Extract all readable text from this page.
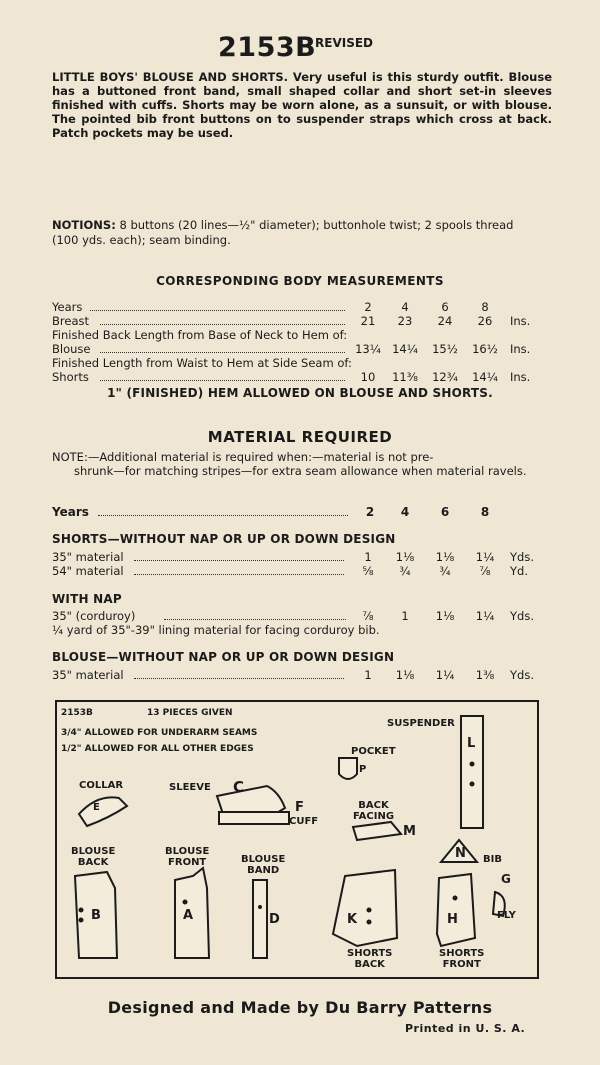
2153B
REVISED
LITTLE BOYS' BLOUSE AND SHORTS. Very useful is this sturdy outfit. Blouse has a buttoned front band, small shaped collar and short set-in sleeves finished with cuffs. Shorts may be worn alone, as a sunsuit, or with blouse. The pointed bib front buttons on to suspender straps which cross at back. Patch pockets may be used.
NOTIONS: 8 buttons (20 lines—½" diameter); buttonhole twist; 2 spools thread (100 yds. each); seam binding.
CORRESPONDING BODY MEASUREMENTS
Years	2	4	6	8
Breast	21	23	24	26	Ins.
Finished Back Length from Base of Neck to Hem of:
Blouse	13¼ 14¼	15½	16½	Ins.
Finished Length from Waist to Hem at Side Seam of:
Shorts	10	11⅜	12¾	14¼	Ins.
1" (FINISHED) HEM ALLOWED ON BLOUSE AND SHORTS.
MATERIAL REQUIRED
NOTE:—Additional material is required when:—material is not pre-
shrunk—for matching stripes—for extra seam allowance when material ravels.
Years	2	4	6	8
SHORTS—WITHOUT NAP OR UP OR DOWN DESIGN
35" material	1	1⅛	1⅛	1¼	Yds.
54" material	⅝	¾	¾	⅞	Yd.
WITH NAP
35" (corduroy)	⅞	1	1⅛	1¼	Yds.
¼ yard of 35"-39" lining material for facing corduroy bib.
BLOUSE—WITHOUT NAP OR UP OR DOWN DESIGN
35" material	1	1⅛	1¼	1⅜	Yds.
2153B	13 PIECES GIVEN
3/4" ALLOWED FOR UNDERARM SEAMS
1/2" ALLOWED FOR ALL OTHER EDGES
COLLAR
E
SLEEVE C
F
CUFF
POCKET
P
SUSPENDER
L
BACK
FACING
M
BLOUSE
BACK
B
BLOUSE
FRONT
A
BLOUSE
BAND
D
N BIB
G
FLY
K
SHORTS
BACK
H
SHORTS
FRONT
Designed and Made by Du Barry Patterns
Printed in U. S. A.
